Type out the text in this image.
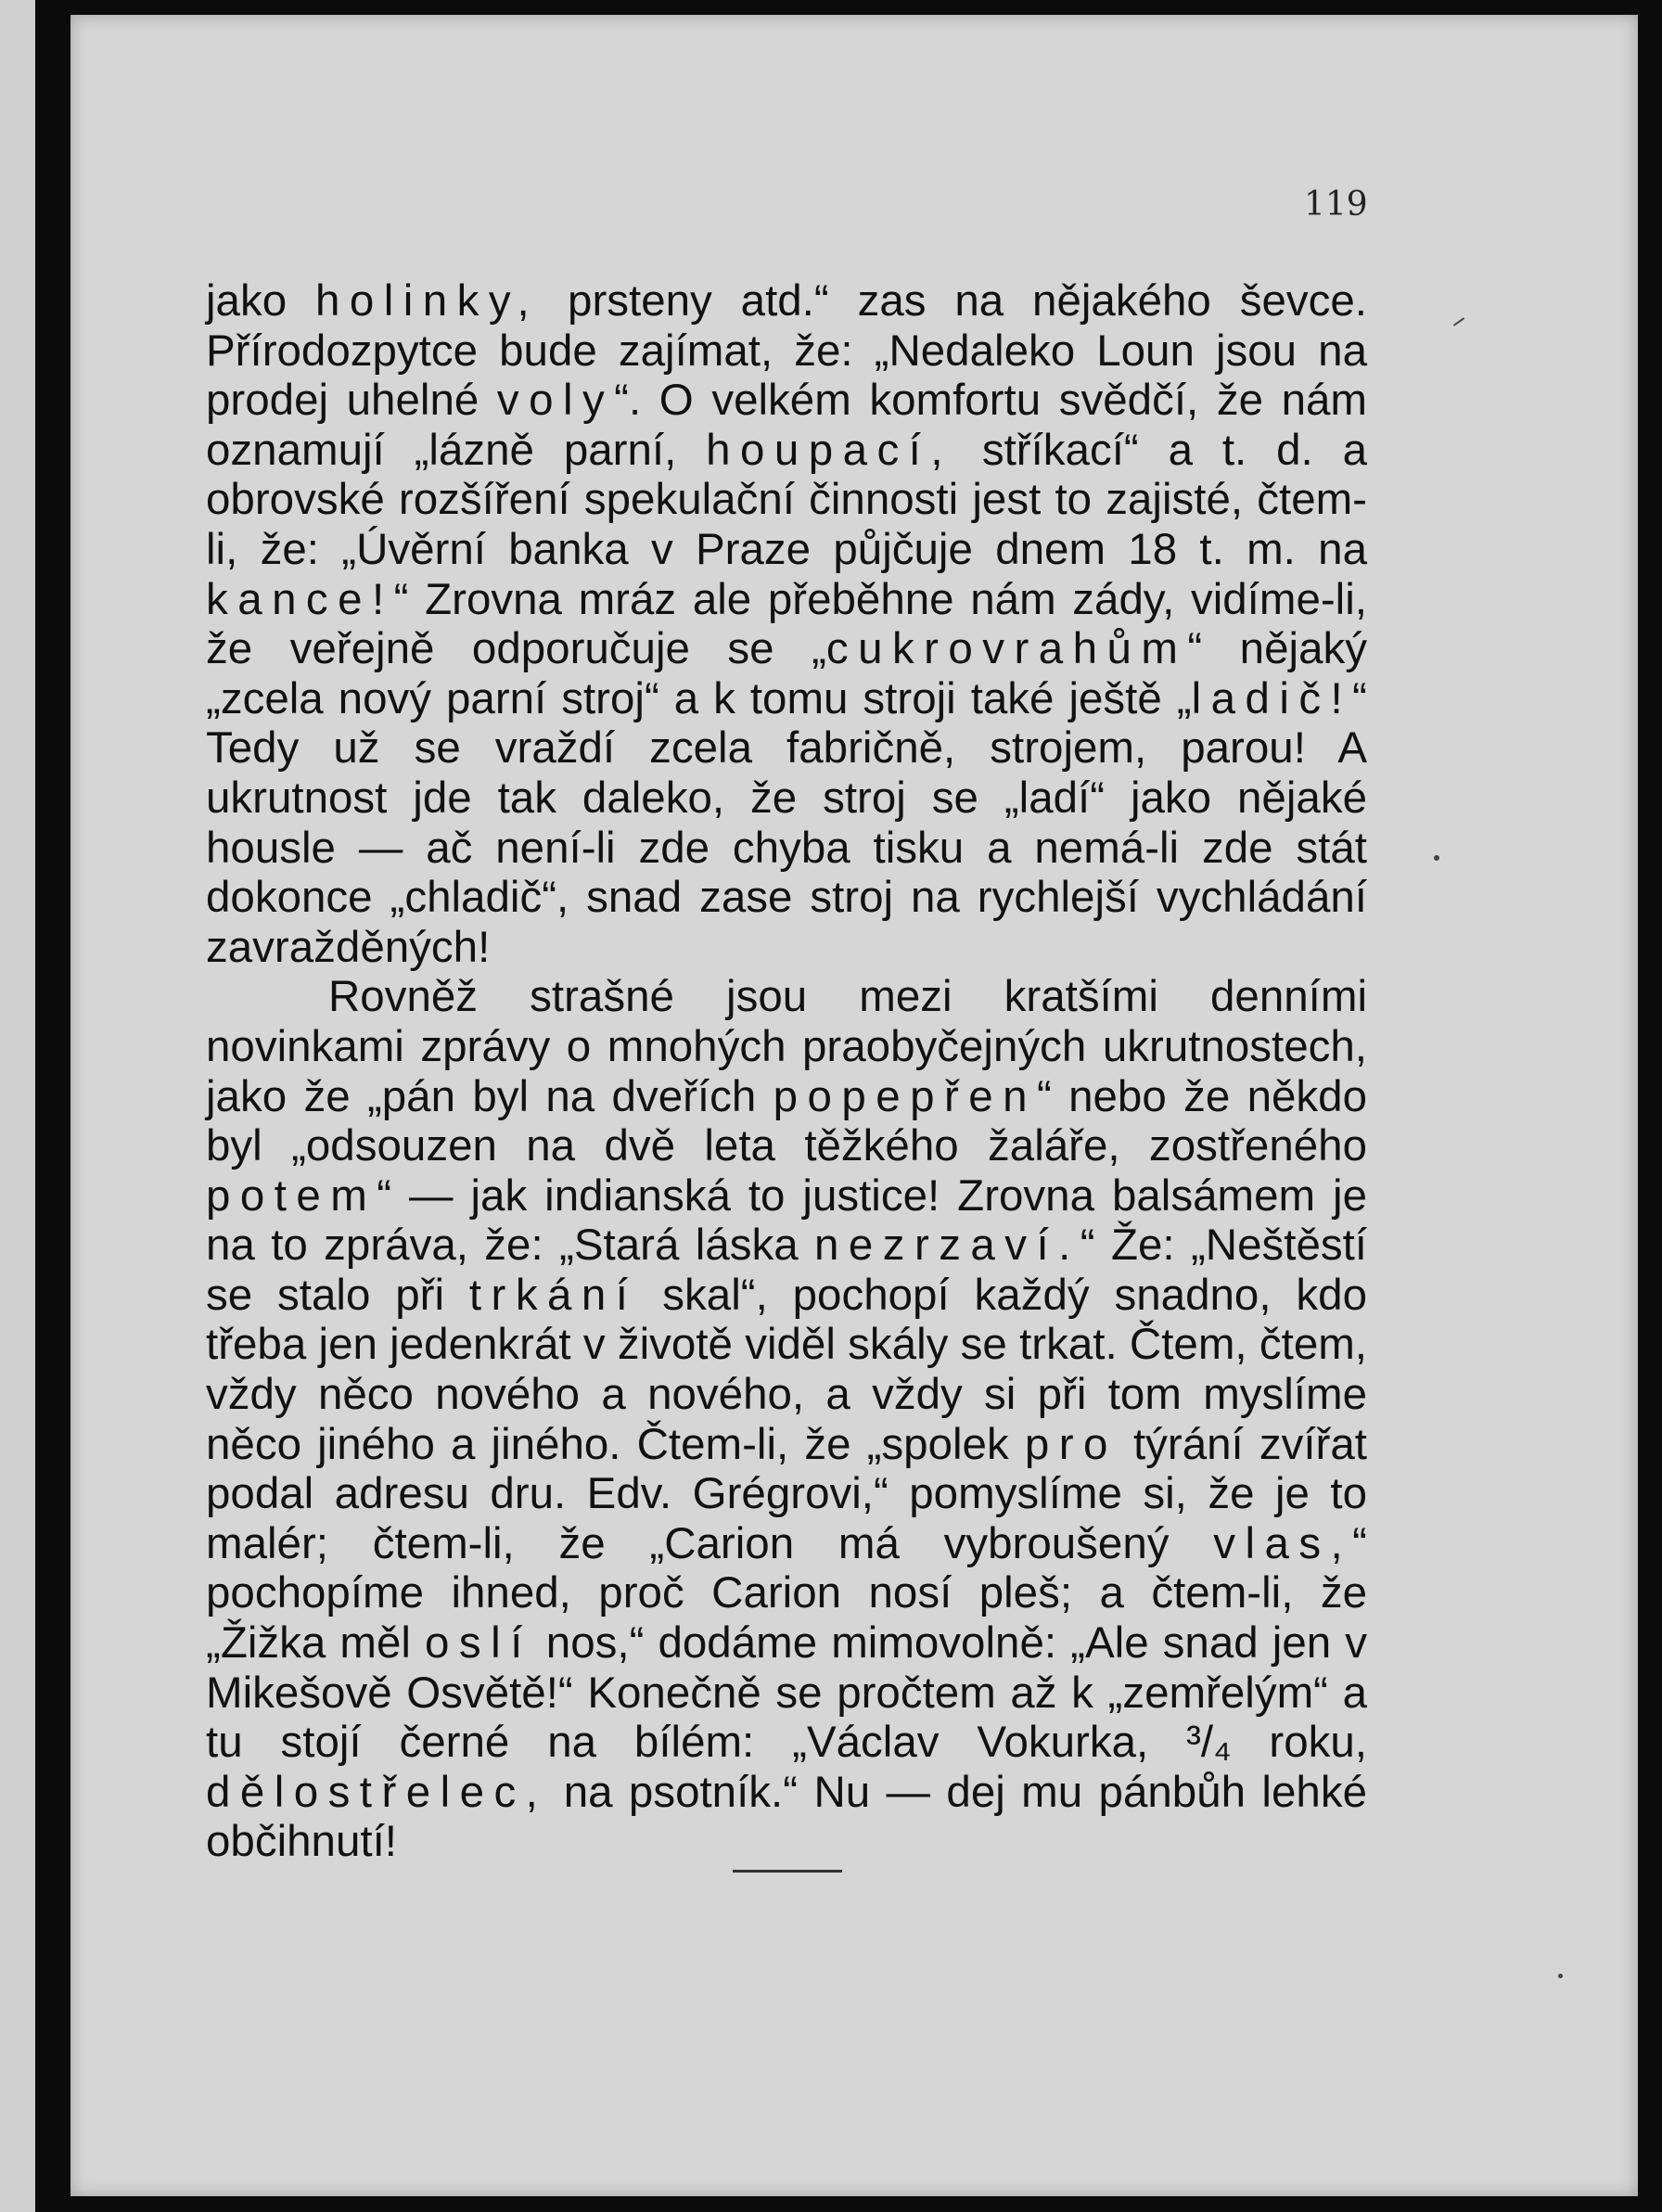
119

jako holinky, prsteny atd.“ zas na nějakého ševce. Přírodozpytce bude zajímat, že: „Nedaleko Loun jsou na prodej uhelné voly“. O velkém komfortu svědčí, že nám oznamují „lázně parní, houpací, stříkací“ a t. d. a obrovské rozšíření spekulační činnosti jest to zajisté, čtem-li, že: „Úvěrní banka v Praze půjčuje dnem 18 t. m. na kance!“ Zrovna mráz ale přeběhne nám zády, vidíme-li, že veřejně odporučuje se „cukrovrahům“ nějaký „zcela nový parní stroj“ a k tomu stroji také ještě „ladič!“ Tedy už se vraždí zcela fabričně, strojem, parou! A ukrutnost jde tak daleko, že stroj se „ladí“ jako nějaké housle — ač není-li zde chyba tisku a nemá-li zde stát dokonce „chladič“, snad zase stroj na rychlejší vychládání zavražděných!

Rovněž strašné jsou mezi kratšími denními novinkami zprávy o mnohých praobyčejných ukrutnostech, jako že „pán byl na dveřích popepřen“ nebo že někdo byl „odsouzen na dvě leta těžkého žaláře, zostřeného potem“ — jak indianská to justice! Zrovna balsámem je na to zpráva, že: „Stará láska nezrzaví.“ Že: „Neštěstí se stalo při trkání skal“, pochopí každý snadno, kdo třeba jen jedenkrát v životě viděl skály se trkat. Čtem, čtem, vždy něco nového a nového, a vždy si při tom myslíme něco jiného a jiného. Čtem-li, že „spolek pro týrání zvířat podal adresu dru. Edv. Grégrovi,“ pomyslíme si, že je to malér; čtem-li, že „Carion má vybroušený vlas,“ pochopíme ihned, proč Carion nosí pleš; a čtem-li, že „Žižka měl oslí nos,“ dodáme mimovolně: „Ale snad jen v Mikešově Osvětě!“ Konečně se pročtem až k „zemřelým“ a tu stojí černé na bílém: „Václav Vokurka, ³/₄ roku, dělostřelec, na psotník.“ Nu — dej mu pánbůh lehké občihnutí!
